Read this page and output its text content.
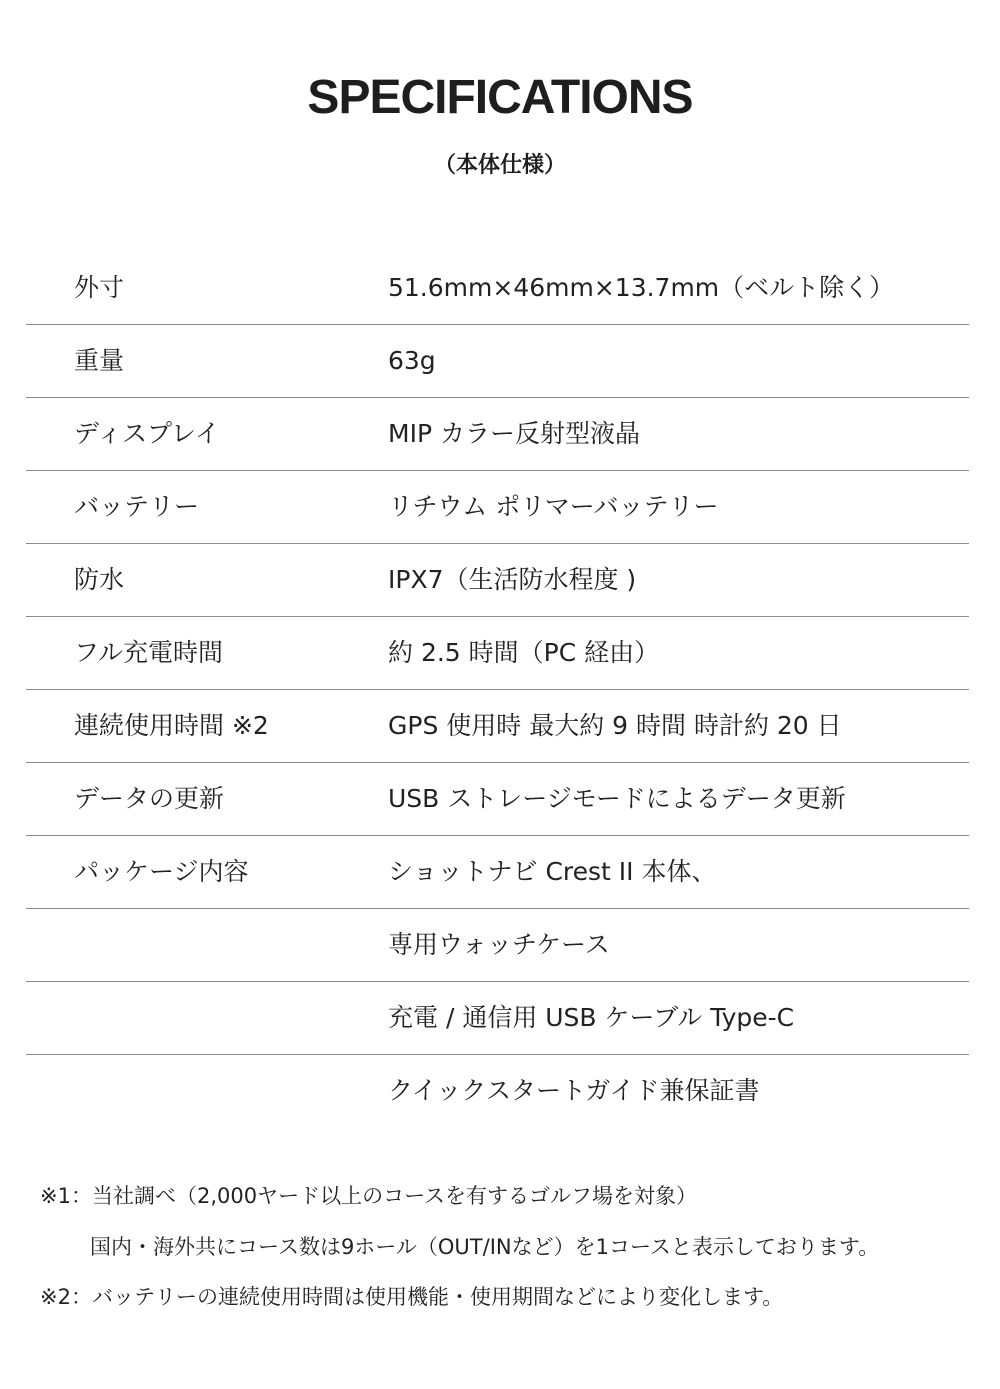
SPECIFICATIONS
（本体仕様）
外寸	51.6mm×46mm×13.7mm（ベルト除く）
重量	63g
ディスプレイ	MIP カラー反射型液晶
バッテリー	リチウム ポリマーバッテリー
防水	IPX7（生活防水程度 )
フル充電時間	約 2.5 時間（PC 経由）
連続使用時間 ※2	GPS 使用時 最大約 9 時間 時計約 20 日
データの更新	USB ストレージモードによるデータ更新
パッケージ内容	ショットナビ Crest II 本体、
専用ウォッチケース
充電 / 通信用 USB ケーブル Type-C
クイックスタートガイド兼保証書
※1：当社調べ（2,000ヤード以上のコースを有するゴルフ場を対象）
国内・海外共にコース数は9ホール（OUT/INなど）を1コースと表示しております。
※2：バッテリーの連続使用時間は使用機能・使用期間などにより変化します。
